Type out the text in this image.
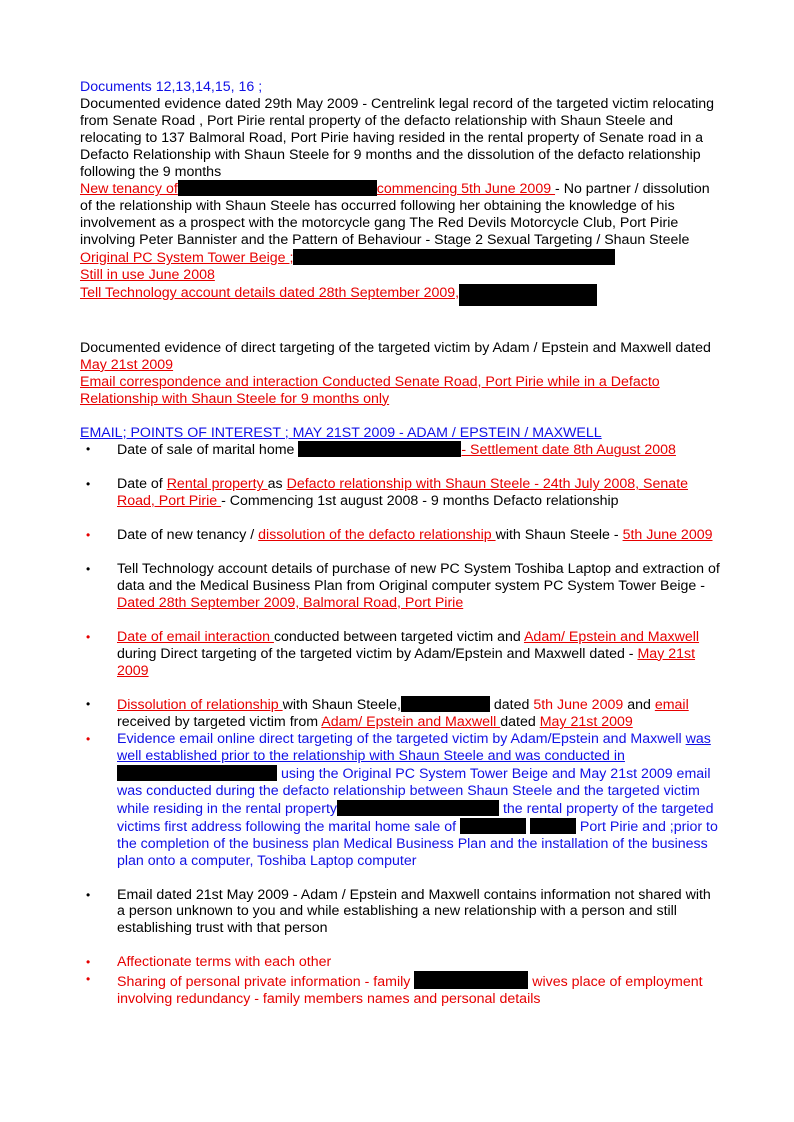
Documents 12,13,14,15, 16 ;

Documented evidence dated 29th May 2009 - Centrelink legal record of the targeted victim relocating from Senate Road , Port Pirie rental property of the defacto relationship with Shaun Steele and relocating to 137 Balmoral Road, Port Pirie having resided in the rental property of Senate road in a Defacto Relationship with Shaun Steele for 9 months and the dissolution of the defacto relationship following the 9 months
New tenancy of	commencing 5th June 2009 - No partner / dissolution of the relationship with Shaun Steele has occurred following her obtaining the knowledge of his involvement as a prospect with the motorcycle gang The Red Devils Motorcycle Club, Port Pirie involving Peter Bannister and the Pattern of Behaviour - Stage 2 Sexual Targeting / Shaun Steele
Original PC System Tower Beige ;
Still in use June 2008
Tell Technology account details dated 28th September 2009,

Documented evidence of direct targeting of the targeted victim by Adam / Epstein and Maxwell dated May 21st 2009
Email correspondence and interaction Conducted Senate Road, Port Pirie while in a Defacto Relationship with Shaun Steele for 9 months only

EMAIL; POINTS OF INTEREST ; MAY 21ST 2009 - ADAM / EPSTEIN / MAXWELL

• Date of sale of marital home	- Settlement date 8th August 2008

• Date of Rental property as Defacto relationship with Shaun Steele - 24th July 2008, Senate Road, Port Pirie - Commencing 1st august 2008 - 9 months Defacto relationship

• Date of new tenancy / dissolution of the defacto relationship with Shaun Steele - 5th June 2009

• Tell Technology account details of purchase of new PC System Toshiba Laptop and extraction of data and the Medical Business Plan from Original computer system PC System Tower Beige - Dated 28th September 2009, Balmoral Road, Port Pirie

• Date of email interaction conducted between targeted victim and Adam/ Epstein and Maxwell during Direct targeting of the targeted victim by Adam/Epstein and Maxwell dated - May 21st 2009

• Dissolution of relationship with Shaun Steele,	dated 5th June 2009 and email received by targeted victim from Adam/ Epstein and Maxwell dated May 21st 2009

• Evidence email online direct targeting of the targeted victim by Adam/Epstein and Maxwell was well established prior to the relationship with Shaun Steele and was conducted in  using the Original PC System Tower Beige and May 21st 2009 email was conducted during the defacto relationship between Shaun Steele and the targeted victim while residing in the rental property	the rental property of the targeted victims first address following the marital home sale of	Port Pirie and ;prior to the completion of the business plan Medical Business Plan and the installation of the business plan onto a computer, Toshiba Laptop computer

• Email dated 21st May 2009 - Adam / Epstein and Maxwell contains information not shared with a person unknown to you and while establishing a new relationship with a person and still establishing trust with that person

• Affectionate terms with each other

• Sharing of personal private information - family	wives place of employment involving redundancy - family members names and personal details
